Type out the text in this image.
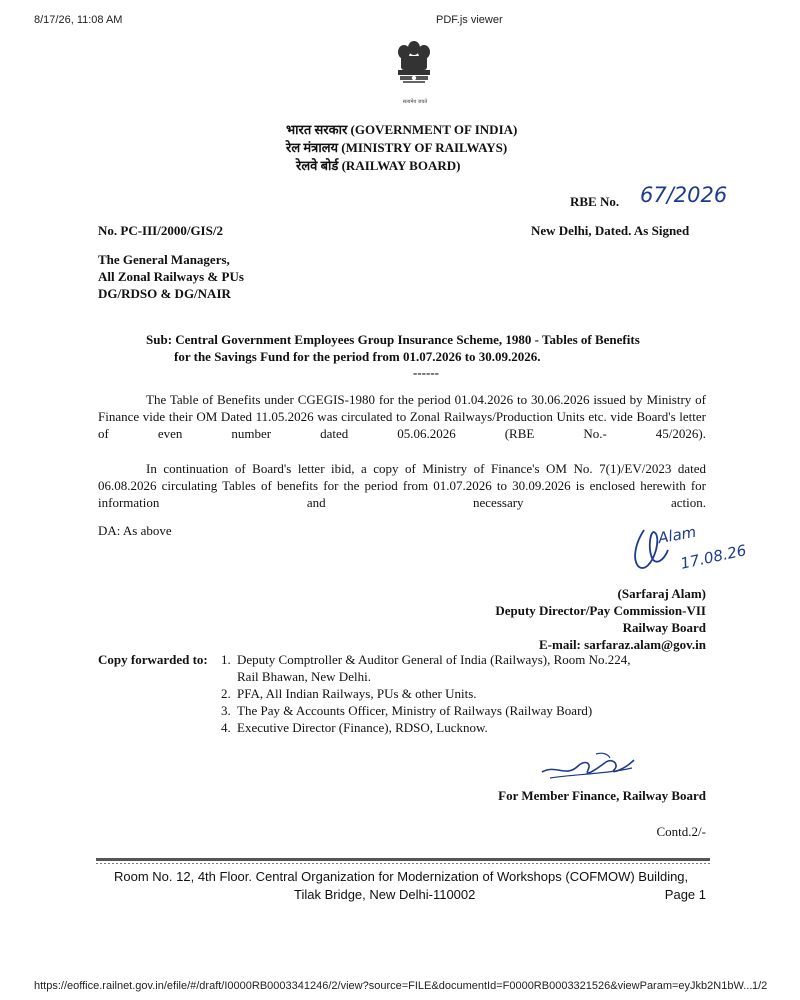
8/17/26, 11:08 AM	PDF.js viewer
सत्यमेव जयते
भारत सरकार (GOVERNMENT OF INDIA)
रेल मंत्रालय (MINISTRY OF RAILWAYS)
रेलवे बोर्ड (RAILWAY BOARD)
RBE No. 67/2026
No. PC-III/2000/GIS/2	New Delhi, Dated. As Signed
The General Managers,
All Zonal Railways & PUs
DG/RDSO & DG/NAIR
Sub: Central Government Employees Group Insurance Scheme, 1980 - Tables of Benefits
for the Savings Fund for the period from 01.07.2026 to 30.09.2026.
------
The Table of Benefits under CGEGIS-1980 for the period 01.04.2026 to 30.06.2026 issued by Ministry of Finance vide their OM Dated 11.05.2026 was circulated to Zonal Railways/Production Units etc. vide Board's letter of even number dated 05.06.2026 (RBE No.- 45/2026).
In continuation of Board's letter ibid, a copy of Ministry of Finance's OM No. 7(1)/EV/2023 dated 06.08.2026 circulating Tables of benefits for the period from 01.07.2026 to 30.09.2026 is enclosed herewith for information and necessary action.
DA: As above	Alam
17.08.26
(Sarfaraj Alam)
Deputy Director/Pay Commission-VII
Railway Board
E-mail: sarfaraz.alam@gov.in
Copy forwarded to: 1. Deputy Comptroller & Auditor General of India (Railways), Room No.224,
Rail Bhawan, New Delhi.
2. PFA, All Indian Railways, PUs & other Units.
3. The Pay & Accounts Officer, Ministry of Railways (Railway Board)
4. Executive Director (Finance), RDSO, Lucknow.
For Member Finance, Railway Board
Contd.2/-
Room No. 12, 4th Floor. Central Organization for Modernization of Workshops (COFMOW) Building,
Tilak Bridge, New Delhi-110002	Page 1
https://eoffice.railnet.gov.in/efile/#/draft/I0000RB0003341246/2/view?source=FILE&documentId=F0000RB0003321526&viewParam=eyJkb2N1bW... 1/2
